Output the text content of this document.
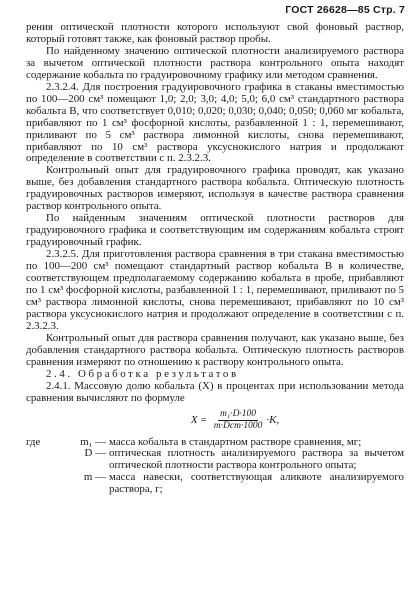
ГОСТ 26628—85 Стр. 7

рения оптической плотности которого используют свой фоновый раствор, который готовят также, как фоновый раствор пробы.

По найденному значению оптической плотности анализируемого раствора за вычетом оптической плотности раствора контрольного опыта находят содержание кобальта по градуировочному графику или методом сравнения.

2.3.2.4. Для построения градуировочного графика в стаканы вместимостью по 100—200 см³ помещают 1,0; 2,0; 3,0; 4,0; 5,0; 6,0 см³ стандартного раствора кобальта В, что соответствует 0,010; 0,020; 0,030; 0,040; 0,050; 0,060 мг кобальта, прибавляют по 1 см³ фосфорной кислоты, разбавленной 1 : 1, перемешивают, приливают по 5 см³ раствора лимонной кислоты, снова перемешивают, прибавляют по 10 см³ раствора уксуснокислого натрия и продолжают определение в соответствии с п. 2.3.2.3.

Контрольный опыт для градуировочного графика проводят, как указано выше, без добавления стандартного раствора кобальта. Оптическую плотность градуировочных растворов измеряют, используя в качестве раствора сравнения раствор контрольного опыта.

По найденным значениям оптической плотности растворов для градуировочного графика и соответствующим им содержаниям кобальта строят градуировочный график.

2.3.2.5. Для приготовления раствора сравнения в три стакана вместимостью по 100—200 см³ помещают стандартный раствор кобальта В в количестве, соответствующем предполагаемому содержанию кобальта в пробе, прибавляют по 1 см³ фосфорной кислоты, разбавленной 1 : 1, перемешивают, приливают по 5 см³ раствора лимонной кислоты, снова перемешивают, прибавляют по 10 см³ раствора уксуснокислого натрия и продолжают определение в соответствии с п. 2.3.2.3.

Контрольный опыт для раствора сравнения получают, как указано выше, без добавления стандартного раствора кобальта. Оптическую плотность растворов сравнения измеряют по отношению к раствору контрольного опыта.

2.4. Обработка результатов

2.4.1. Массовую долю кобальта (X) в процентах при использовании метода сравнения вычисляют по формуле

$X = \frac{\text{m₁·D·100}}{\text{m·Dст·1000}} \cdot K$,
где	m₁ —	масса кобальта в стандартном растворе сравнения, мг;
	D —	оптическая плотность анализируемого раствора за вычетом оптической плотности раствора контрольного опыта;
	m —	масса навески, соответствующая аликвоте анализируемого раствора, г;
